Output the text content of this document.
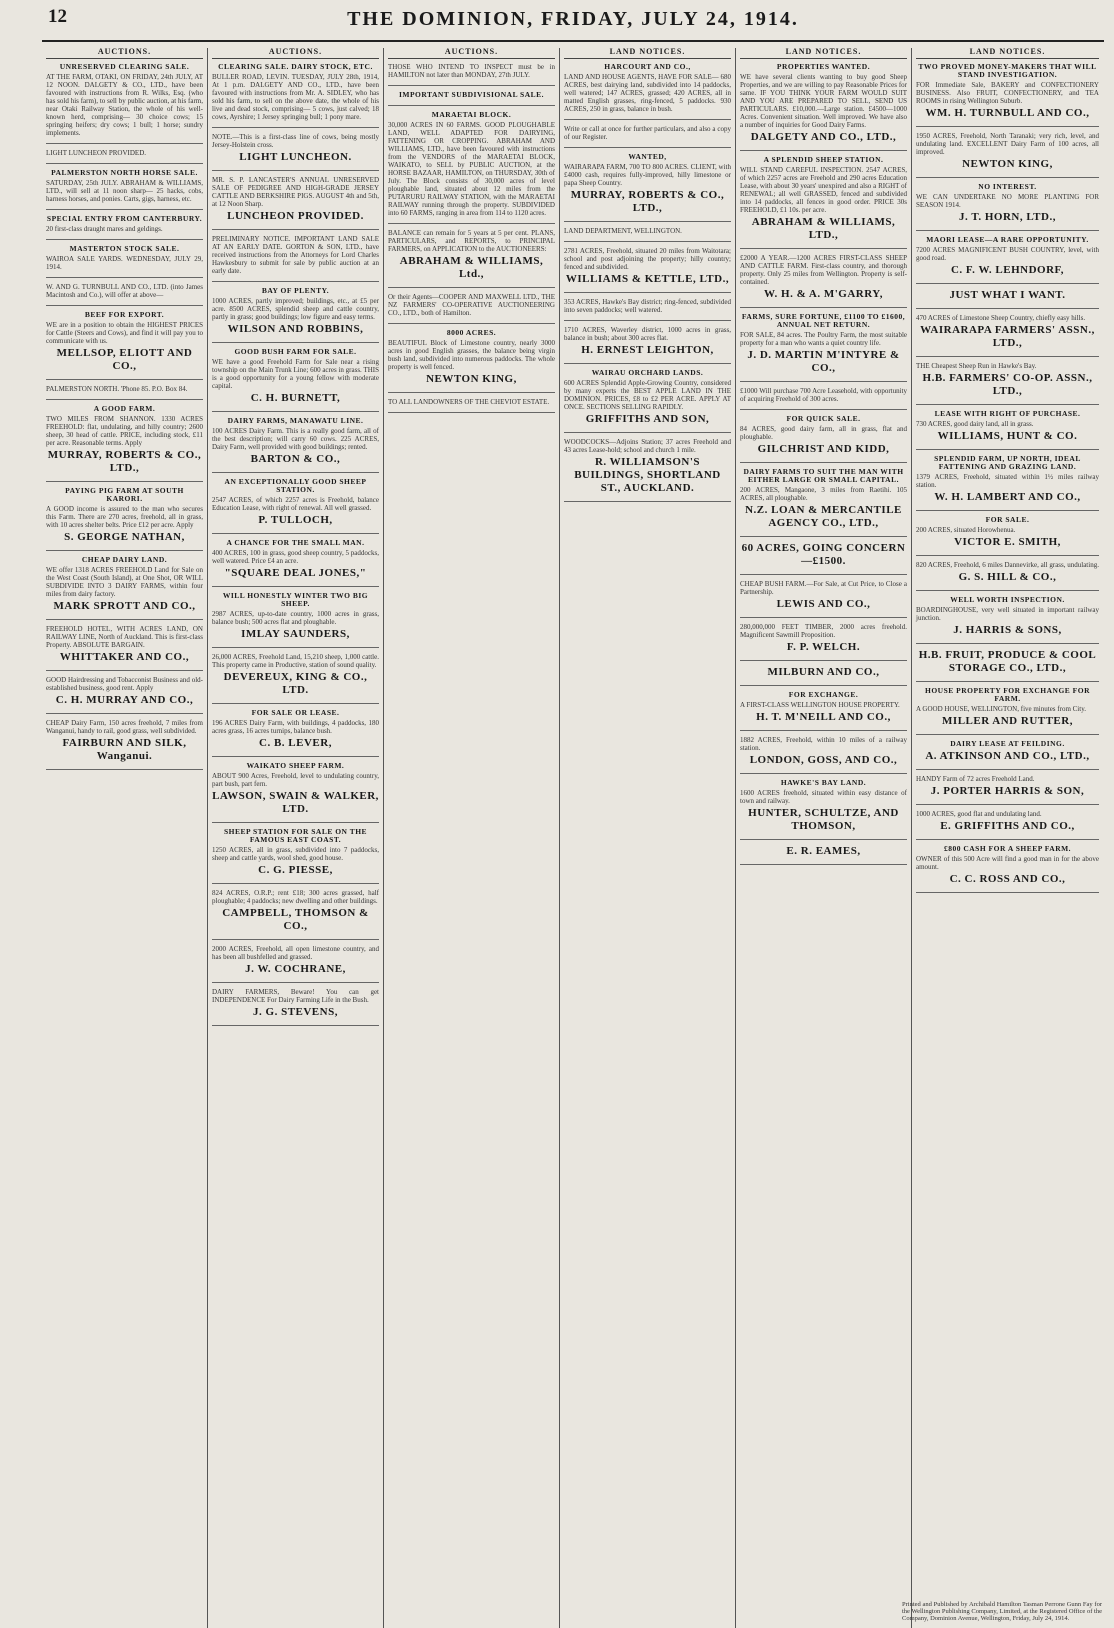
12	THE DOMINION, FRIDAY, JULY 24, 1914.
AUCTIONS.
UNRESERVED CLEARING SALE.
AT THE FARM, OTAKI, ON FRIDAY, 24th JULY, AT 12 NOON. DALGETY & CO., LTD., have been favoured with instructions from R. Wilks, Esq. (who has sold his farm), to sell by public auction, at his farm, near Otaki Railway Station, the whole of his well-known herd, comprising— 30 choice cows; 15 springing heifers; dry cows; 1 bull; 1 horse; sundry implements.
LIGHT LUNCHEON PROVIDED.
PALMERSTON NORTH HORSE SALE.
SATURDAY, 25th JULY. ABRAHAM & WILLIAMS, LTD., will sell at 11 noon sharp— 25 hacks, cobs, harness horses, and ponies. Carts, gigs, harness, etc.
SPECIAL ENTRY FROM CANTERBURY.
20 first-class draught mares and geldings.
MASTERTON STOCK SALE.
WAIROA SALE YARDS. WEDNESDAY, JULY 29, 1914.
W. AND G. TURNBULL AND CO., LTD. (into James Macintosh and Co.), will offer at above—
BEEF FOR EXPORT.
WE are in a position to obtain the HIGHEST PRICES for Cattle (Steers and Cows), and find it will pay you to communicate with us.
MELLSOP, ELIOTT AND CO.,
PALMERSTON NORTH. 'Phone 85. P.O. Box 84.
A GOOD FARM.
TWO MILES FROM SHANNON. 1330 ACRES FREEHOLD: flat, undulating, and hilly country; 2600 sheep, 30 head of cattle. PRICE, including stock, £11 per acre. Reasonable terms. Apply
MURRAY, ROBERTS & CO., LTD.,
PAYING PIG FARM AT SOUTH KARORI.
A GOOD income is assured to the man who secures this Farm. There are 270 acres, freehold, all in grass, with 10 acres shelter belts. Price £12 per acre. Apply
S. GEORGE NATHAN,
CHEAP DAIRY LAND.
WE offer 1318 ACRES FREEHOLD Land for Sale on the West Coast (South Island), at One Shot, OR WILL SUBDIVIDE INTO 3 DAIRY FARMS, within four miles from dairy factory.
MARK SPROTT AND CO.,
FREEHOLD HOTEL, WITH ACRES LAND, ON RAILWAY LINE, North of Auckland. This is first-class Property. ABSOLUTE BARGAIN.
WHITTAKER AND CO.,
GOOD Hairdressing and Tobacconist Business and old-established business, good rent. Apply
C. H. MURRAY AND CO.,
CHEAP Dairy Farm, 150 acres freehold, 7 miles from Wanganui, handy to rail, good grass, well subdivided.
FAIRBURN AND SILK, Wanganui.
AUCTIONS.
CLEARING SALE. DAIRY STOCK, ETC.
BULLER ROAD, LEVIN. TUESDAY, JULY 28th, 1914, At 1 p.m. DALGETY AND CO., LTD., have been favoured with instructions from Mr. A. SIDLEY, who has sold his farm, to sell on the above date, the whole of his live and dead stock, comprising— 5 cows, just calved; 18 cows, Ayrshire; 1 Jersey springing bull; 1 pony mare.
NOTE.—This is a first-class line of cows, being mostly Jersey-Holstein cross.
LIGHT LUNCHEON.
MR. S. P. LANCASTER'S ANNUAL UNRESERVED SALE OF PEDIGREE AND HIGH-GRADE JERSEY CATTLE AND BERKSHIRE PIGS. AUGUST 4th and 5th, at 12 Noon Sharp.
LUNCHEON PROVIDED.
PRELIMINARY NOTICE. IMPORTANT LAND SALE AT AN EARLY DATE. GORTON & SON, LTD., have received instructions from the Attorneys for Lord Charles Hawkesbury to submit for sale by public auction at an early date.
BAY OF PLENTY.
1000 ACRES, partly improved; buildings, etc., at £5 per acre. 8500 ACRES, splendid sheep and cattle country, partly in grass; good buildings; low figure and easy terms.
WILSON AND ROBBINS,
GOOD BUSH FARM FOR SALE.
WE have a good Freehold Farm for Sale near a rising township on the Main Trunk Line; 600 acres in grass. THIS is a good opportunity for a young fellow with moderate capital.
C. H. BURNETT,
DAIRY FARMS, MANAWATU LINE.
100 ACRES Dairy Farm. This is a really good farm, all of the best description; will carry 60 cows. 225 ACRES, Dairy Farm, well provided with good buildings; rented.
BARTON & CO.,
AN EXCEPTIONALLY GOOD SHEEP STATION.
2547 ACRES, of which 2257 acres is Freehold, balance Education Lease, with right of renewal. All well grassed.
P. TULLOCH,
A CHANCE FOR THE SMALL MAN.
400 ACRES, 100 in grass, good sheep country, 5 paddocks, well watered. Price £4 an acre.
"SQUARE DEAL JONES,"
WILL HONESTLY WINTER TWO BIG SHEEP.
2987 ACRES, up-to-date country, 1000 acres in grass, balance bush; 500 acres flat and ploughable.
IMLAY SAUNDERS,
26,000 ACRES, Freehold Land, 15,210 sheep, 1,000 cattle. This property came in Productive, station of sound quality.
DEVEREUX, KING & CO., LTD.
FOR SALE OR LEASE.
196 ACRES Dairy Farm, with buildings, 4 paddocks, 180 acres grass, 16 acres turnips, balance bush.
C. B. LEVER,
WAIKATO SHEEP FARM.
ABOUT 900 Acres, Freehold, level to undulating country, part bush, part fern.
LAWSON, SWAIN & WALKER, LTD.
SHEEP STATION FOR SALE ON THE FAMOUS EAST COAST.
1250 ACRES, all in grass, subdivided into 7 paddocks, sheep and cattle yards, wool shed, good house.
C. G. PIESSE,
824 ACRES, O.R.P.; rent £18; 300 acres grassed, half ploughable; 4 paddocks; new dwelling and other buildings.
CAMPBELL, THOMSON & CO.,
2000 ACRES, Freehold, all open limestone country, and has been all bushfelled and grassed.
J. W. COCHRANE,
DAIRY FARMERS, Beware! You can get INDEPENDENCE For Dairy Farming Life in the Bush.
J. G. STEVENS,
AUCTIONS.
THOSE WHO INTEND TO INSPECT must be in HAMILTON not later than MONDAY, 27th JULY.
IMPORTANT SUBDIVISIONAL SALE.
MARAETAI BLOCK.
30,000 ACRES IN 60 FARMS. GOOD PLOUGHABLE LAND, WELL ADAPTED FOR DAIRYING, FATTENING OR CROPPING. ABRAHAM AND WILLIAMS, LTD., have been favoured with instructions from the VENDORS of the MARAETAI BLOCK, WAIKATO, to SELL by PUBLIC AUCTION, at the HORSE BAZAAR, HAMILTON, on THURSDAY, 30th of July. The Block consists of 30,000 acres of level ploughable land, situated about 12 miles from the PUTARURU RAILWAY STATION, with the MARAETAI RAILWAY running through the property. SUBDIVIDED into 60 FARMS, ranging in area from 114 to 1120 acres.
BALANCE can remain for 5 years at 5 per cent. PLANS, PARTICULARS, and REPORTS, to PRINCIPAL FARMERS, on APPLICATION to the AUCTIONEERS:
ABRAHAM & WILLIAMS, Ltd.,
Or their Agents—COOPER AND MAXWELL LTD., THE NZ FARMERS' CO-OPERATIVE AUCTIONEERING CO., LTD., both of Hamilton.
8000 ACRES.
BEAUTIFUL Block of Limestone country, nearly 3000 acres in good English grasses, the balance being virgin bush land, subdivided into numerous paddocks. The whole property is well fenced.
NEWTON KING,
TO ALL LANDOWNERS OF THE CHEVIOT ESTATE.
LAND NOTICES.
HARCOURT AND CO.,
LAND AND HOUSE AGENTS, HAVE FOR SALE— 680 ACRES, best dairying land, subdivided into 14 paddocks, well watered; 147 ACRES, grassed; 420 ACRES, all in matted English grasses, ring-fenced, 5 paddocks. 930 ACRES, 250 in grass, balance in bush.
Write or call at once for further particulars, and also a copy of our Register.
WANTED,
WAIRARAPA FARM, 700 TO 800 ACRES. CLIENT, with £4000 cash, requires fully-improved, hilly limestone or papa Sheep Country.
MURRAY, ROBERTS & CO., LTD.,
LAND DEPARTMENT, WELLINGTON.
2781 ACRES, Freehold, situated 20 miles from Waitotara; school and post adjoining the property; hilly country; fenced and subdivided.
WILLIAMS & KETTLE, LTD.,
353 ACRES, Hawke's Bay district; ring-fenced, subdivided into seven paddocks; well watered.
1710 ACRES, Waverley district, 1000 acres in grass, balance in bush; about 300 acres flat.
H. ERNEST LEIGHTON,
WAIRAU ORCHARD LANDS.
600 ACRES Splendid Apple-Growing Country, considered by many experts the BEST APPLE LAND IN THE DOMINION. PRICES, £8 to £2 PER ACRE. APPLY AT ONCE. SECTIONS SELLING RAPIDLY.
GRIFFITHS AND SON,
WOODCOCKS—Adjoins Station; 37 acres Freehold and 43 acres Lease-hold; school and church 1 mile.
R. WILLIAMSON'S BUILDINGS, SHORTLAND ST., AUCKLAND.
LAND NOTICES.
PROPERTIES WANTED.
WE have several clients wanting to buy good Sheep Properties, and we are willing to pay Reasonable Prices for same. IF YOU THINK YOUR FARM WOULD SUIT AND YOU ARE PREPARED TO SELL, SEND US PARTICULARS. £10,000.—Large station. £4500—1000 Acres. Convenient situation. Well improved. We have also a number of inquiries for Good Dairy Farms.
DALGETY AND CO., LTD.,
A SPLENDID SHEEP STATION.
WILL STAND CAREFUL INSPECTION. 2547 ACRES, of which 2257 acres are Freehold and 290 acres Education Lease, with about 30 years' unexpired and also a RIGHT of RENEWAL; all well GRASSED, fenced and subdivided into 14 paddocks, all fences in good order. PRICE 30s FREEHOLD, £1 10s. per acre.
ABRAHAM & WILLIAMS, LTD.,
£2000 A YEAR.—1200 ACRES FIRST-CLASS SHEEP AND CATTLE FARM. First-class country, and thorough property. Only 25 miles from Wellington. Property is self-contained.
W. H. & A. M'GARRY,
FARMS, SURE FORTUNE, £1100 TO £1600, ANNUAL NET RETURN.
FOR SALE, 84 acres. The Poultry Farm, the most suitable property for a man who wants a quiet country life.
J. D. MARTIN M'INTYRE & CO.,
£1000 Will purchase 700 Acre Leasehold, with opportunity of acquiring Freehold of 300 acres.
FOR QUICK SALE.
84 ACRES, good dairy farm, all in grass, flat and ploughable.
GILCHRIST AND KIDD,
DAIRY FARMS TO SUIT THE MAN WITH EITHER LARGE OR SMALL CAPITAL.
200 ACRES, Mangaone, 3 miles from Raetihi. 105 ACRES, all ploughable.
N.Z. LOAN & MERCANTILE AGENCY CO., LTD.,
60 ACRES, GOING CONCERN—£1500.
CHEAP BUSH FARM.—For Sale, at Cut Price, to Close a Partnership.
LEWIS AND CO.,
280,000,000 FEET TIMBER, 2000 acres freehold. Magnificent Sawmill Proposition.
F. P. WELCH.
MILBURN AND CO.,
FOR EXCHANGE.
A FIRST-CLASS WELLINGTON HOUSE PROPERTY.
H. T. M'NEILL AND CO.,
1882 ACRES, Freehold, within 10 miles of a railway station.
LONDON, GOSS, AND CO.,
HAWKE'S BAY LAND.
1600 ACRES freehold, situated within easy distance of town and railway.
HUNTER, SCHULTZE, AND THOMSON,
E. R. EAMES,
LAND NOTICES.
TWO PROVED MONEY-MAKERS THAT WILL STAND INVESTIGATION.
FOR Immediate Sale, BAKERY and CONFECTIONERY BUSINESS. Also FRUIT, CONFECTIONERY, and TEA ROOMS in rising Wellington Suburb.
WM. H. TURNBULL AND CO.,
1950 ACRES, Freehold, North Taranaki; very rich, level, and undulating land. EXCELLENT Dairy Farm of 100 acres, all improved.
NEWTON KING,
NO INTEREST.
WE CAN UNDERTAKE NO MORE PLANTING FOR SEASON 1914.
J. T. HORN, LTD.,
MAORI LEASE—A RARE OPPORTUNITY.
7200 ACRES MAGNIFICENT BUSH COUNTRY, level, with good road.
C. F. W. LEHNDORF,
JUST WHAT I WANT.
470 ACRES of Limestone Sheep Country, chiefly easy hills.
WAIRARAPA FARMERS' ASSN., LTD.,
THE Cheapest Sheep Run in Hawke's Bay.
H.B. FARMERS' CO-OP. ASSN., LTD.,
LEASE WITH RIGHT OF PURCHASE.
730 ACRES, good dairy land, all in grass.
WILLIAMS, HUNT & CO.
SPLENDID FARM, UP NORTH, IDEAL FATTENING AND GRAZING LAND.
1379 ACRES, Freehold, situated within 1½ miles railway station.
W. H. LAMBERT AND CO.,
FOR SALE.
200 ACRES, situated Horowhenua.
VICTOR E. SMITH,
820 ACRES, Freehold, 6 miles Dannevirke, all grass, undulating.
G. S. HILL & CO.,
WELL WORTH INSPECTION.
BOARDINGHOUSE, very well situated in important railway junction.
J. HARRIS & SONS,
H.B. FRUIT, PRODUCE & COOL STORAGE CO., LTD.,
HOUSE PROPERTY FOR EXCHANGE FOR FARM.
A GOOD HOUSE, WELLINGTON, five minutes from City.
MILLER AND RUTTER,
DAIRY LEASE AT FEILDING.
A. ATKINSON AND CO., LTD.,
HANDY Farm of 72 acres Freehold Land.
J. PORTER HARRIS & SON,
1000 ACRES, good flat and undulating land.
E. GRIFFITHS AND CO.,
£800 CASH FOR A SHEEP FARM.
OWNER of this 500 Acre will find a good man in for the above amount.
C. C. ROSS AND CO.,
Printed and Published by Archibald Hamilton Tasman Perrone Gunn Fay for the Wellington Publishing Company, Limited, at the Registered Office of the Company, Dominion Avenue, Wellington, Friday, July 24, 1914.
